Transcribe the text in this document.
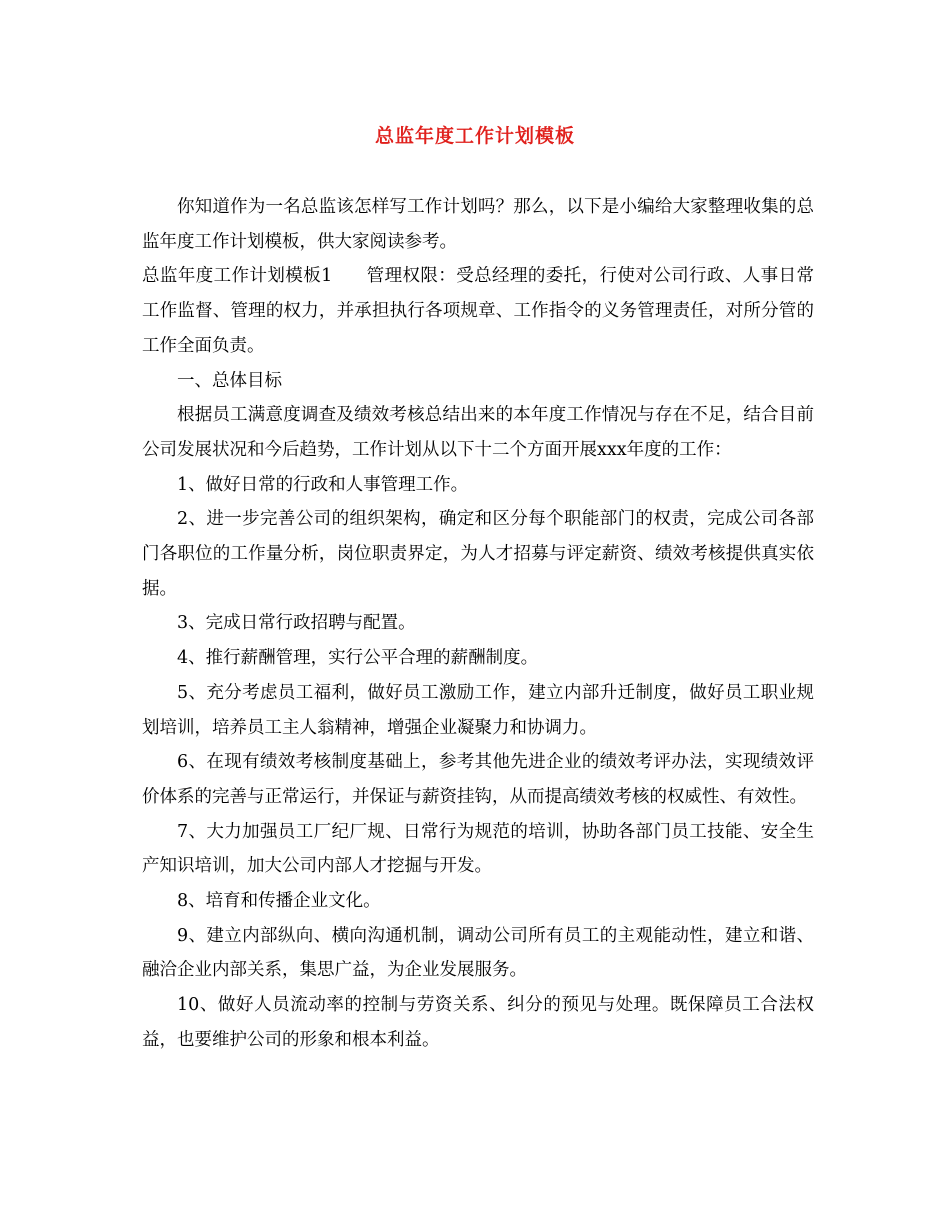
总监年度工作计划模板

你知道作为一名总监该怎样写工作计划吗？那么，以下是小编给大家整理收集的总监年度工作计划模板，供大家阅读参考。

总监年度工作计划模板1 管理权限：受总经理的委托，行使对公司行政、人事日常工作监督、管理的权力，并承担执行各项规章、工作指令的义务管理责任，对所分管的工作全面负责。

一、总体目标

根据员工满意度调查及绩效考核总结出来的本年度工作情况与存在不足，结合目前公司发展状况和今后趋势，工作计划从以下十二个方面开展xxx年度的工作：

1、做好日常的行政和人事管理工作。

2、进一步完善公司的组织架构，确定和区分每个职能部门的权责，完成公司各部门各职位的工作量分析，岗位职责界定，为人才招募与评定薪资、绩效考核提供真实依据。

3、完成日常行政招聘与配置。

4、推行薪酬管理，实行公平合理的薪酬制度。

5、充分考虑员工福利，做好员工激励工作，建立内部升迁制度，做好员工职业规划培训，培养员工主人翁精神，增强企业凝聚力和协调力。

6、在现有绩效考核制度基础上，参考其他先进企业的绩效考评办法，实现绩效评价体系的完善与正常运行，并保证与薪资挂钩，从而提高绩效考核的权威性、有效性。

7、大力加强员工厂纪厂规、日常行为规范的培训，协助各部门员工技能、安全生产知识培训，加大公司内部人才挖掘与开发。

8、培育和传播企业文化。

9、建立内部纵向、横向沟通机制，调动公司所有员工的主观能动性，建立和谐、融洽企业内部关系，集思广益，为企业发展服务。

10、做好人员流动率的控制与劳资关系、纠分的预见与处理。既保障员工合法权益，也要维护公司的形象和根本利益。
